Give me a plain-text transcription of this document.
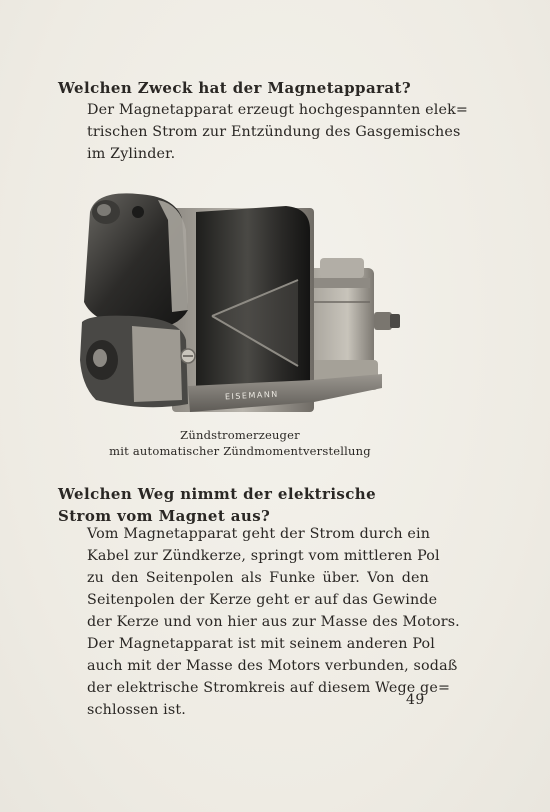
Welchen Zweck hat der Magnetapparat?

Der Magnetapparat erzeugt hochgespannten elek=
trischen Strom zur Entzündung des Gasgemisches
im Zylinder.

EISEMANN
Zündstromerzeuger
mit automatischer Zündmomentverstellung
Welchen Weg nimmt der elektrische
Strom vom Magnet aus?

Vom Magnetapparat geht der Strom durch ein
Kabel zur Zündkerze, springt vom mittleren Pol
zu den Seitenpolen als Funke über. Von den
Seitenpolen der Kerze geht er auf das Gewinde
der Kerze und von hier aus zur Masse des Motors.
Der Magnetapparat ist mit seinem anderen Pol
auch mit der Masse des Motors verbunden, sodaß
der elektrische Stromkreis auf diesem Wege ge=
schlossen ist.

49
